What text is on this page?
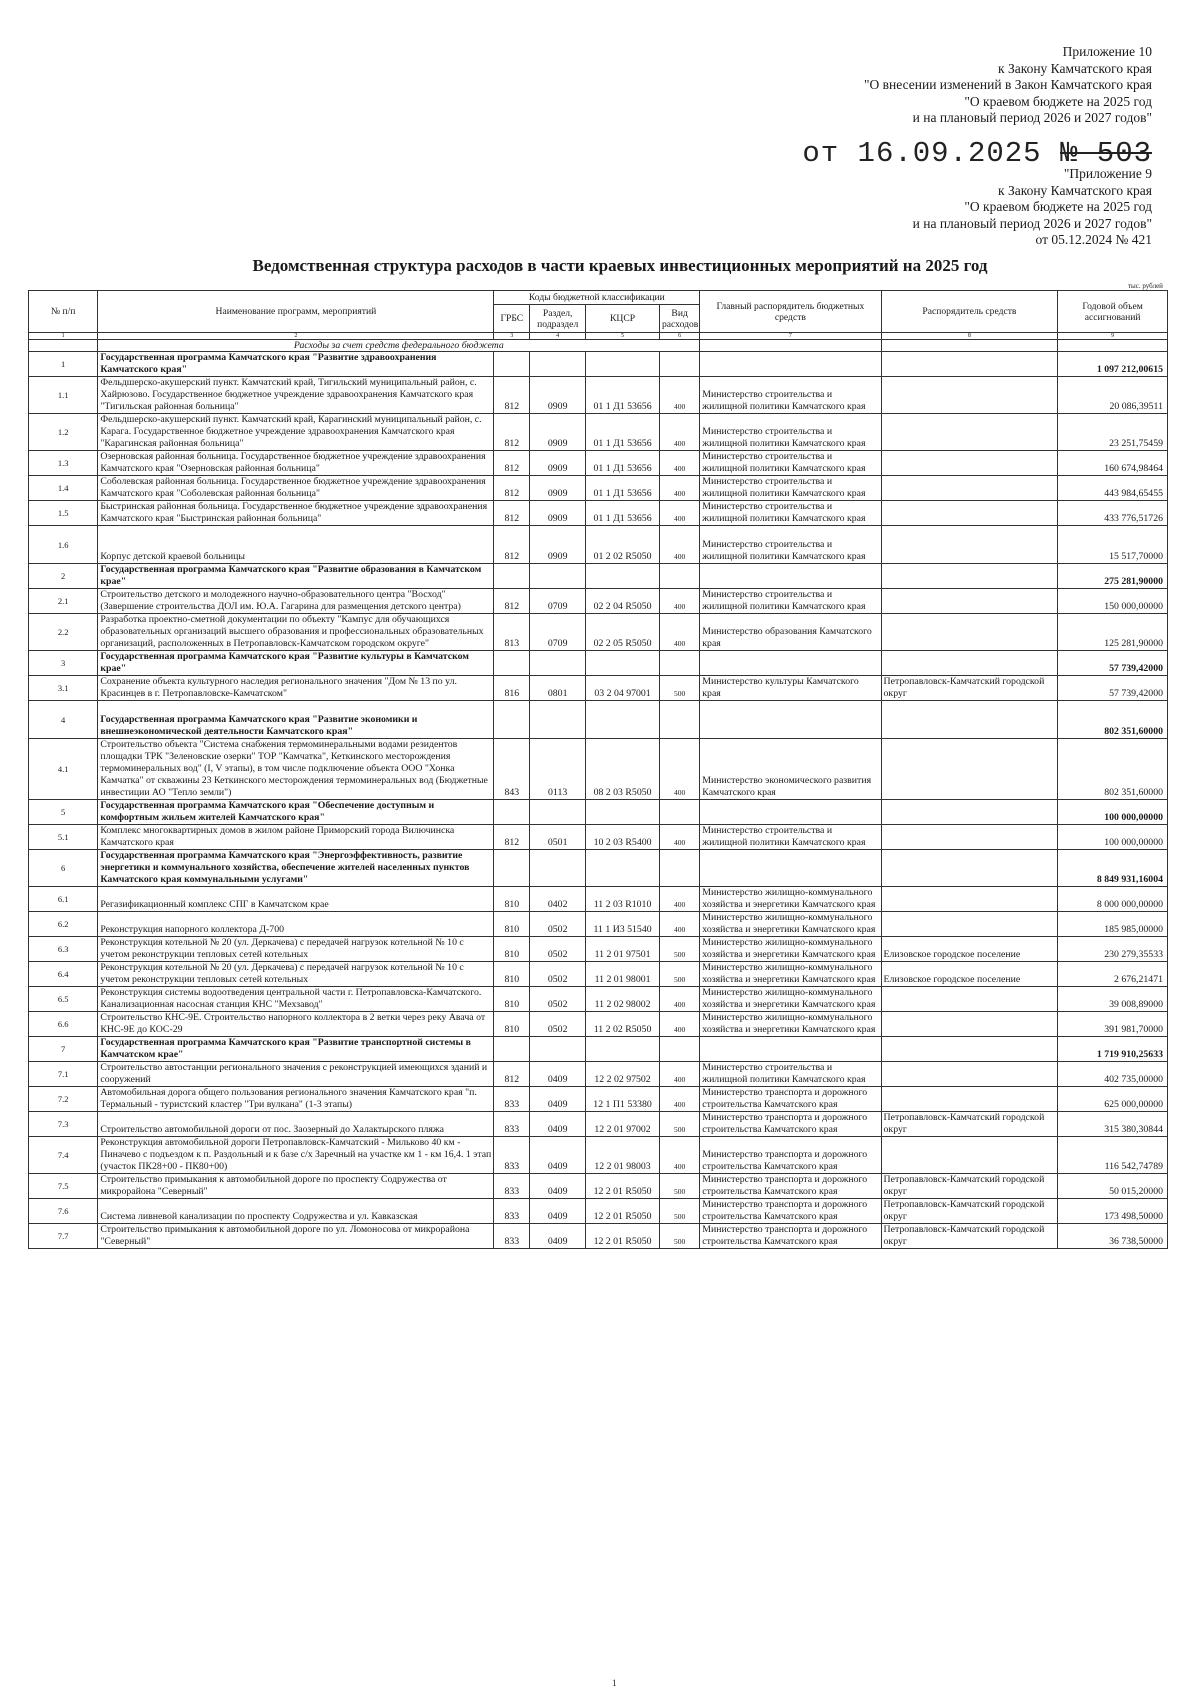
Приложение 10
к Закону Камчатского края
"О внесении изменений в Закон Камчатского края
"О краевом бюджете на 2025 год
и на плановый период 2026 и 2027 годов"
от 16.09.2025 № 503
"Приложение 9
к Закону Камчатского края
"О краевом бюджете на 2025 год
и на плановый период 2026 и 2027 годов"
от 05.12.2024 № 421
Ведомственная структура расходов в части краевых инвестиционных мероприятий на 2025 год
тыс. рублей
№ п/п	Наименование программ, мероприятий	Коды бюджетной классификации				Главный распорядитель бюджетных средств	Распорядитель средств	Годовой объем ассигнований
		ГРБС	Раздел, подраздел	КЦСР	Вид расходов			
1	2	3	4	5	6	7	8	9
	Расходы за счет средств федерального бюджета							
1	Государственная программа Камчатского края "Развитие здравоохранения Камчатского края"							1 097 212,00615
1.1	Фельдшерско-акушерский пункт. Камчатский край, Тигильский муниципальный район, с. Хайрюзово. Государственное бюджетное учреждение здравоохранения Камчатского края "Тигильская районная больница"	812	0909	01 1 Д1 53656	400	Министерство строительства и жилищной политики Камчатского края		20 086,39511
1.2	Фельдшерско-акушерский пункт. Камчатский край, Карагинский муниципальный район, с. Карага. Государственное бюджетное учреждение здравоохранения Камчатского края "Карагинская районная больница"	812	0909	01 1 Д1 53656	400	Министерство строительства и жилищной политики Камчатского края		23 251,75459
1.3	Озерновская районная больница. Государственное бюджетное учреждение здравоохранения Камчатского края "Озерновская районная больница"	812	0909	01 1 Д1 53656	400	Министерство строительства и жилищной политики Камчатского края		160 674,98464
1.4	Соболевская районная больница. Государственное бюджетное учреждение здравоохранения Камчатского края "Соболевская районная больница"	812	0909	01 1 Д1 53656	400	Министерство строительства и жилищной политики Камчатского края		443 984,65455
1.5	Быстринская районная больница. Государственное бюджетное учреждение здравоохранения Камчатского края "Быстринская районная больница"	812	0909	01 1 Д1 53656	400	Министерство строительства и жилищной политики Камчатского края		433 776,51726
1.6	Корпус детской краевой больницы	812	0909	01 2 02 R5050	400	Министерство строительства и жилищной политики Камчатского края		15 517,70000
2	Государственная программа Камчатского края "Развитие образования в Камчатском крае"							275 281,90000
2.1	Строительство детского и молодежного научно-образовательного центра "Восход" (Завершение строительства ДОЛ им. Ю.А. Гагарина для размещения детского центра)	812	0709	02 2 04 R5050	400	Министерство строительства и жилищной политики Камчатского края		150 000,00000
2.2	Разработка проектно-сметной документации по объекту "Кампус для обучающихся образовательных организаций высшего образования и профессиональных образовательных организаций, расположенных в Петропавловск-Камчатском городском округе"	813	0709	02 2 05 R5050	400	Министерство образования Камчатского края		125 281,90000
3	Государственная программа Камчатского края "Развитие культуры в Камчатском крае"							57 739,42000
3.1	Сохранение объекта культурного наследия регионального значения "Дом № 13 по ул. Красинцев в г. Петропавловске-Камчатском"	816	0801	03 2 04 97001	500	Министерство культуры Камчатского края	Петропавловск-Камчатский городской округ	57 739,42000
4	Государственная программа Камчатского края "Развитие экономики и внешнеэкономической деятельности Камчатского края"							802 351,60000
4.1	Строительство объекта "Система снабжения термоминеральными водами резидентов площадки ТРК "Зеленовские озерки" ТОР "Камчатка", Кеткинского месторождения термоминеральных вод" (I, V этапы), в том числе подключение объекта ООО "Хонка Камчатка" от скважины 23 Кеткинского месторождения термоминеральных вод (Бюджетные инвестиции АО "Тепло земли")	843	0113	08 2 03 R5050	400	Министерство экономического развития Камчатского края		802 351,60000
5	Государственная программа Камчатского края "Обеспечение доступным и комфортным жильем жителей Камчатского края"							100 000,00000
5.1	Комплекс многоквартирных домов в жилом районе Приморский города Вилючинска Камчатского края	812	0501	10 2 03 R5400	400	Министерство строительства и жилищной политики Камчатского края		100 000,00000
6	Государственная программа Камчатского края "Энергоэффективность, развитие энергетики и коммунального хозяйства, обеспечение жителей населенных пунктов Камчатского края коммунальными услугами"							8 849 931,16004
6.1	Регазификационный комплекс СПГ в Камчатском крае	810	0402	11 2 03 R1010	400	Министерство жилищно-коммунального хозяйства и энергетики Камчатского края		8 000 000,00000
6.2	Реконструкция напорного коллектора Д-700	810	0502	11 1 И3 51540	400	Министерство жилищно-коммунального хозяйства и энергетики Камчатского края		185 985,00000
6.3	Реконструкция котельной № 20 (ул. Деркачева) с передачей нагрузок котельной № 10 с учетом реконструкции тепловых сетей котельных	810	0502	11 2 01 97501	500	Министерство жилищно-коммунального хозяйства и энергетики Камчатского края	Елизовское городское поселение	230 279,35533
6.4	Реконструкция котельной № 20 (ул. Деркачева) с передачей нагрузок котельной № 10 с учетом реконструкции тепловых сетей котельных	810	0502	11 2 01 98001	500	Министерство жилищно-коммунального хозяйства и энергетики Камчатского края	Елизовское городское поселение	2 676,21471
6.5	Реконструкция системы водоотведения центральной части г. Петропавловска-Камчатского. Канализационная насосная станция КНС "Мехзавод"	810	0502	11 2 02 98002	400	Министерство жилищно-коммунального хозяйства и энергетики Камчатского края		39 008,89000
6.6	Строительство КНС-9Е. Строительство напорного коллектора в 2 ветки через реку Авача от КНС-9Е до КОС-29	810	0502	11 2 02 R5050	400	Министерство жилищно-коммунального хозяйства и энергетики Камчатского края		391 981,70000
7	Государственная программа Камчатского края "Развитие транспортной системы в Камчатском крае"							1 719 910,25633
7.1	Строительство автостанции регионального значения с реконструкцией имеющихся зданий и сооружений	812	0409	12 2 02 97502	400	Министерство строительства и жилищной политики Камчатского края		402 735,00000
7.2	Автомобильная дорога общего пользования регионального значения Камчатского края "п. Термальный - туристский кластер "Три вулкана" (1-3 этапы)	833	0409	12 1 П1 53380	400	Министерство транспорта и дорожного строительства Камчатского края		625 000,00000
7.3	Строительство автомобильной дороги от пос. Заозерный до Халактырского пляжа	833	0409	12 2 01 97002	500	Министерство транспорта и дорожного строительства Камчатского края	Петропавловск-Камчатский городской округ	315 380,30844
7.4	Реконструкция автомобильной дороги Петропавловск-Камчатский - Мильково 40 км - Пиначево с подъездом к п. Раздольный и к базе с/х Заречный на участке км 1 - км 16,4. 1 этап (участок ПК28+00 - ПК80+00)	833	0409	12 2 01 98003	400	Министерство транспорта и дорожного строительства Камчатского края		116 542,74789
7.5	Строительство примыкания к автомобильной дороге по проспекту Содружества от микрорайона "Северный"	833	0409	12 2 01 R5050	500	Министерство транспорта и дорожного строительства Камчатского края	Петропавловск-Камчатский городской округ	50 015,20000
7.6	Система ливневой канализации по проспекту Содружества и ул. Кавказская	833	0409	12 2 01 R5050	500	Министерство транспорта и дорожного строительства Камчатского края	Петропавловск-Камчатский городской округ	173 498,50000
7.7	Строительство примыкания к автомобильной дороге по ул. Ломоносова от микрорайона "Северный"	833	0409	12 2 01 R5050	500	Министерство транспорта и дорожного строительства Камчатского края	Петропавловск-Камчатский городской округ	36 738,50000
1
